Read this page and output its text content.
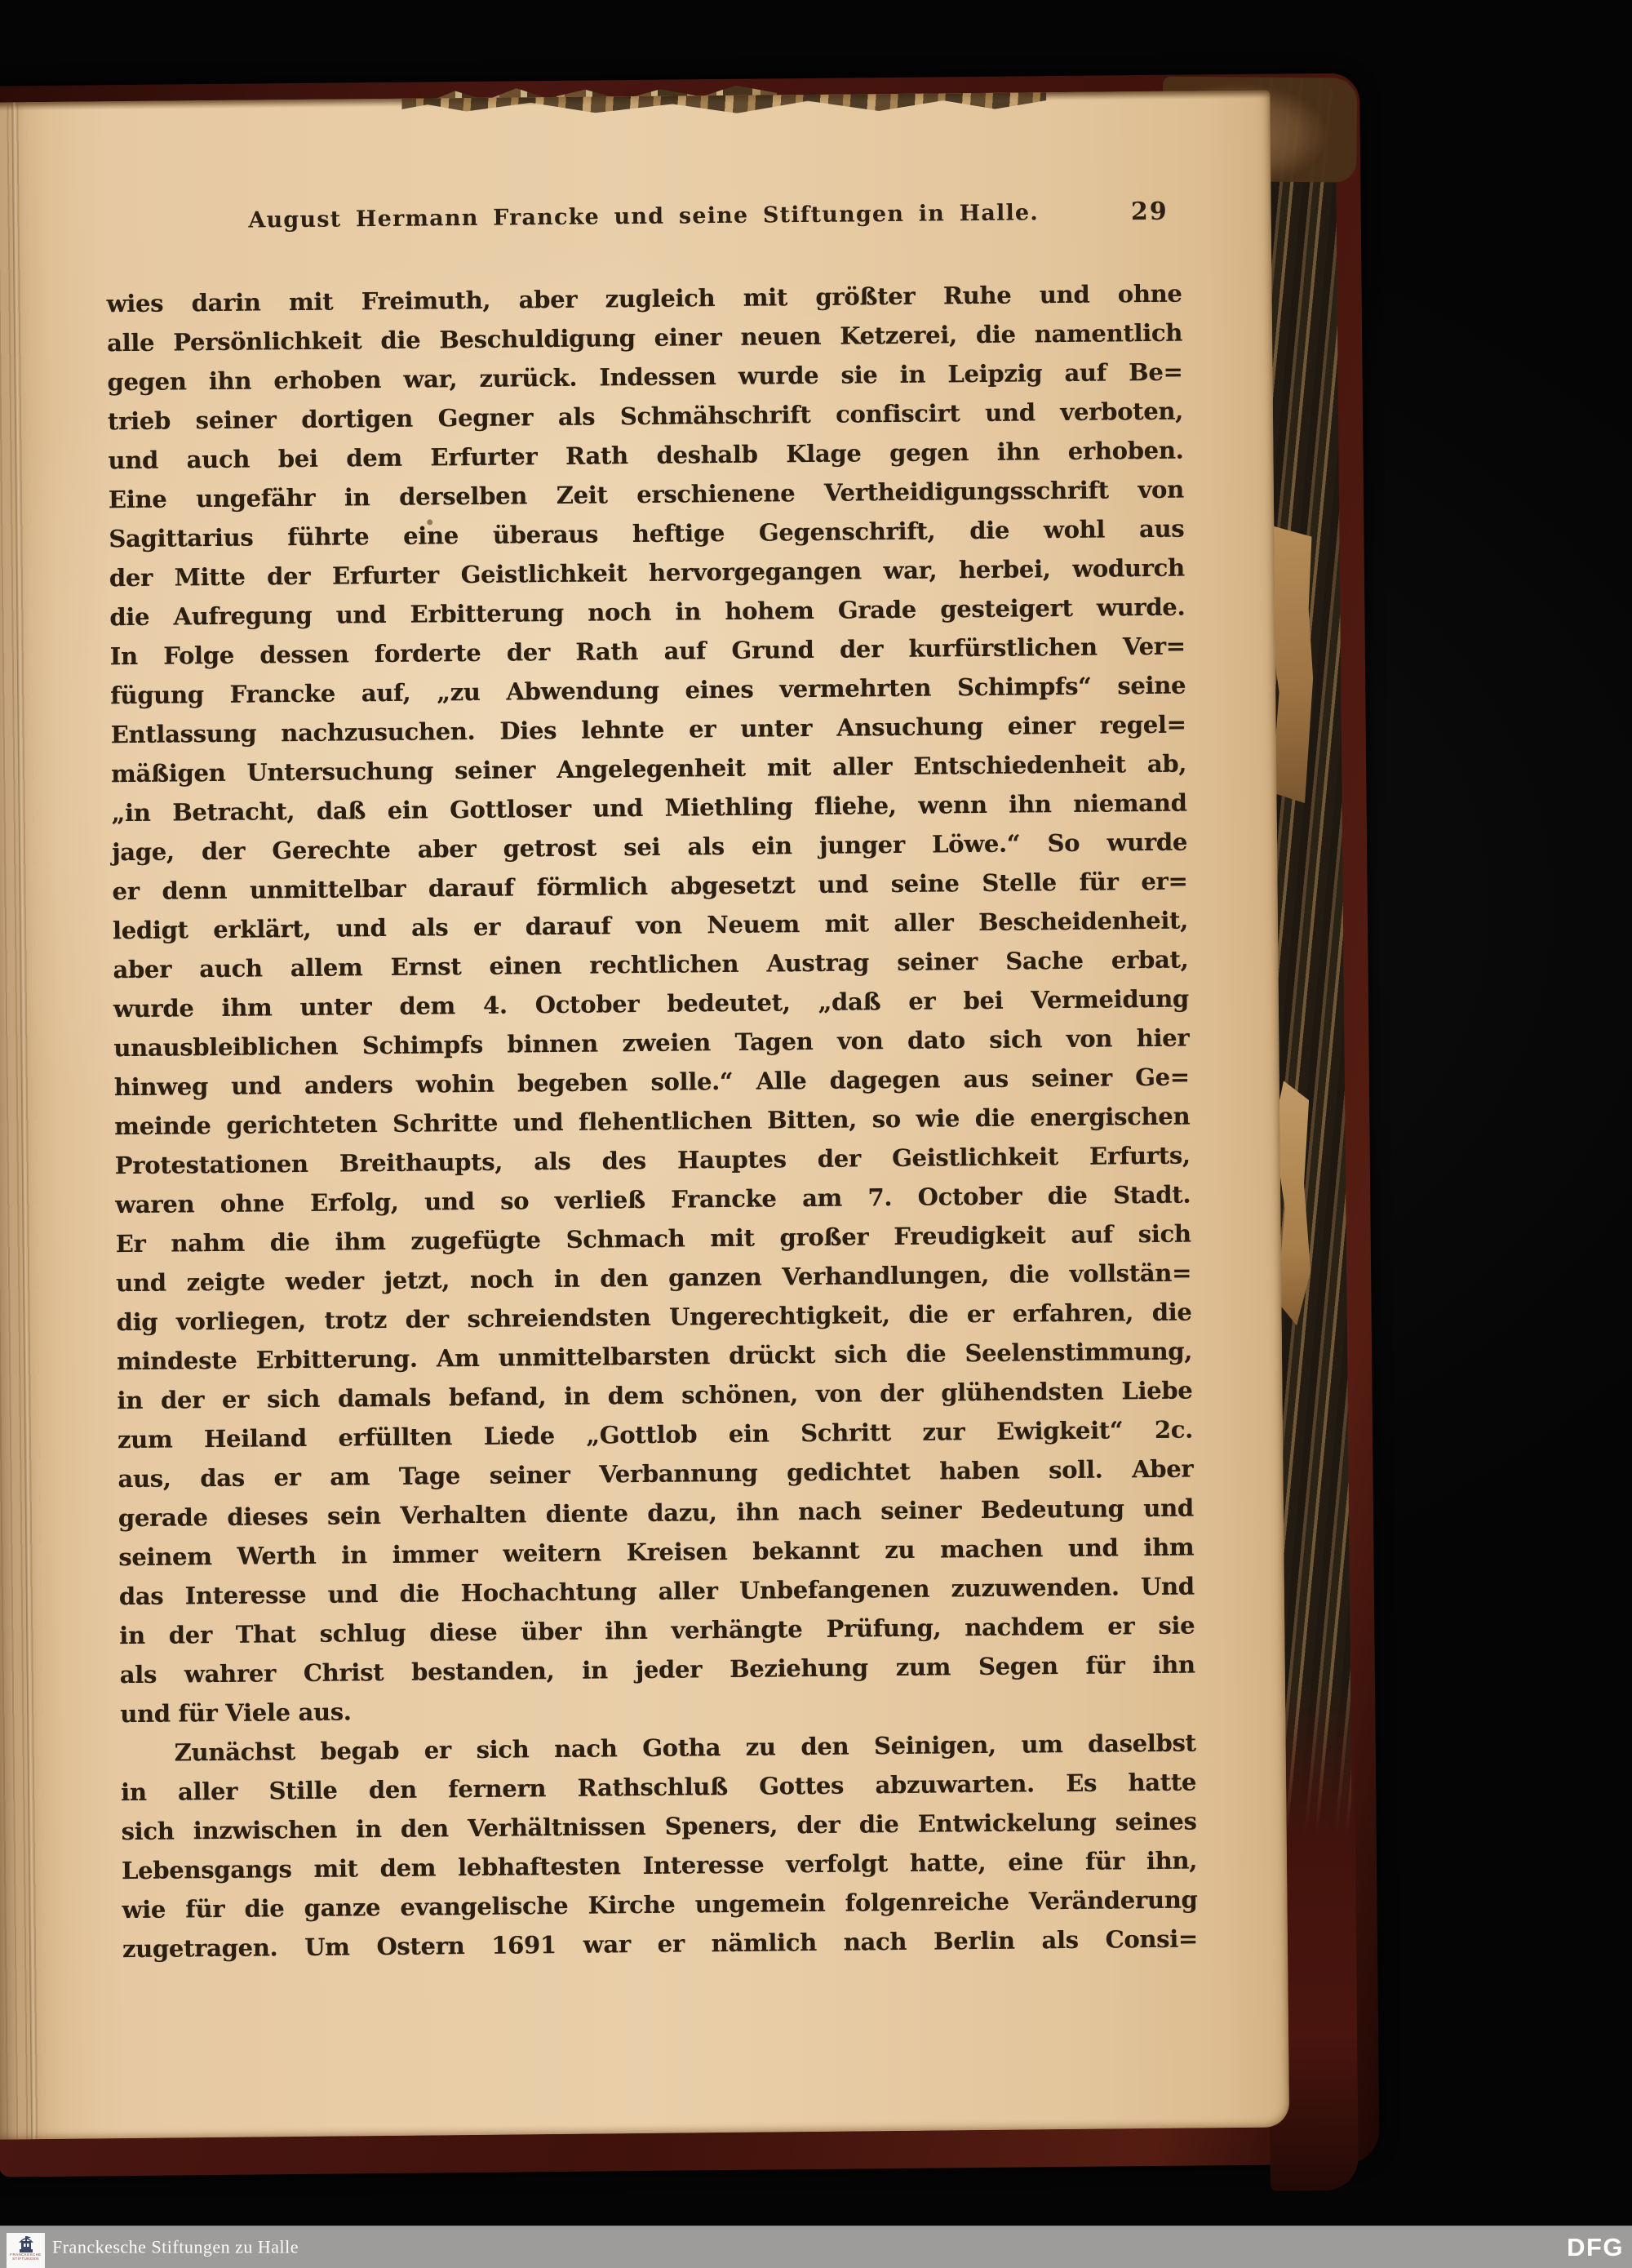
August Hermann Francke und seine Stiftungen in Halle.	29
wies darin mit Freimuth, aber zugleich mit größter Ruhe und ohne
alle Persönlichkeit die Beschuldigung einer neuen Ketzerei, die namentlich
gegen ihn erhoben war, zurück. Indessen wurde sie in Leipzig auf Be=
trieb seiner dortigen Gegner als Schmähschrift confiscirt und verboten,
und auch bei dem Erfurter Rath deshalb Klage gegen ihn erhoben.
Eine ungefähr in derselben Zeit erschienene Vertheidigungsschrift von
Sagittarius führte eine überaus heftige Gegenschrift, die wohl aus
der Mitte der Erfurter Geistlichkeit hervorgegangen war, herbei, wodurch
die Aufregung und Erbitterung noch in hohem Grade gesteigert wurde.
In Folge dessen forderte der Rath auf Grund der kurfürstlichen Ver=
fügung Francke auf, „zu Abwendung eines vermehrten Schimpfs“ seine
Entlassung nachzusuchen. Dies lehnte er unter Ansuchung einer regel=
mäßigen Untersuchung seiner Angelegenheit mit aller Entschiedenheit ab,
„in Betracht, daß ein Gottloser und Miethling fliehe, wenn ihn niemand
jage, der Gerechte aber getrost sei als ein junger Löwe.“ So wurde
er denn unmittelbar darauf förmlich abgesetzt und seine Stelle für er=
ledigt erklärt, und als er darauf von Neuem mit aller Bescheidenheit,
aber auch allem Ernst einen rechtlichen Austrag seiner Sache erbat,
wurde ihm unter dem 4. October bedeutet, „daß er bei Vermeidung
unausbleiblichen Schimpfs binnen zweien Tagen von dato sich von hier
hinweg und anders wohin begeben solle.“ Alle dagegen aus seiner Ge=
meinde gerichteten Schritte und flehentlichen Bitten, so wie die energischen
Protestationen Breithaupts, als des Hauptes der Geistlichkeit Erfurts,
waren ohne Erfolg, und so verließ Francke am 7. October die Stadt.
Er nahm die ihm zugefügte Schmach mit großer Freudigkeit auf sich
und zeigte weder jetzt, noch in den ganzen Verhandlungen, die vollstän=
dig vorliegen, trotz der schreiendsten Ungerechtigkeit, die er erfahren, die
mindeste Erbitterung. Am unmittelbarsten drückt sich die Seelenstimmung,
in der er sich damals befand, in dem schönen, von der glühendsten Liebe
zum Heiland erfüllten Liede „Gottlob ein Schritt zur Ewigkeit“ 2c.
aus, das er am Tage seiner Verbannung gedichtet haben soll. Aber
gerade dieses sein Verhalten diente dazu, ihn nach seiner Bedeutung und
seinem Werth in immer weitern Kreisen bekannt zu machen und ihm
das Interesse und die Hochachtung aller Unbefangenen zuzuwenden. Und
in der That schlug diese über ihn verhängte Prüfung, nachdem er sie
als wahrer Christ bestanden, in jeder Beziehung zum Segen für ihn
und für Viele aus.
Zunächst begab er sich nach Gotha zu den Seinigen, um daselbst
in aller Stille den fernern Rathschluß Gottes abzuwarten. Es hatte
sich inzwischen in den Verhältnissen Speners, der die Entwickelung seines
Lebensgangs mit dem lebhaftesten Interesse verfolgt hatte, eine für ihn,
wie für die ganze evangelische Kirche ungemein folgenreiche Veränderung
zugetragen. Um Ostern 1691 war er nämlich nach Berlin als Consi=
FRANCKESCHE
STIFTUNGEN
Franckesche Stiftungen zu Halle	DFG
